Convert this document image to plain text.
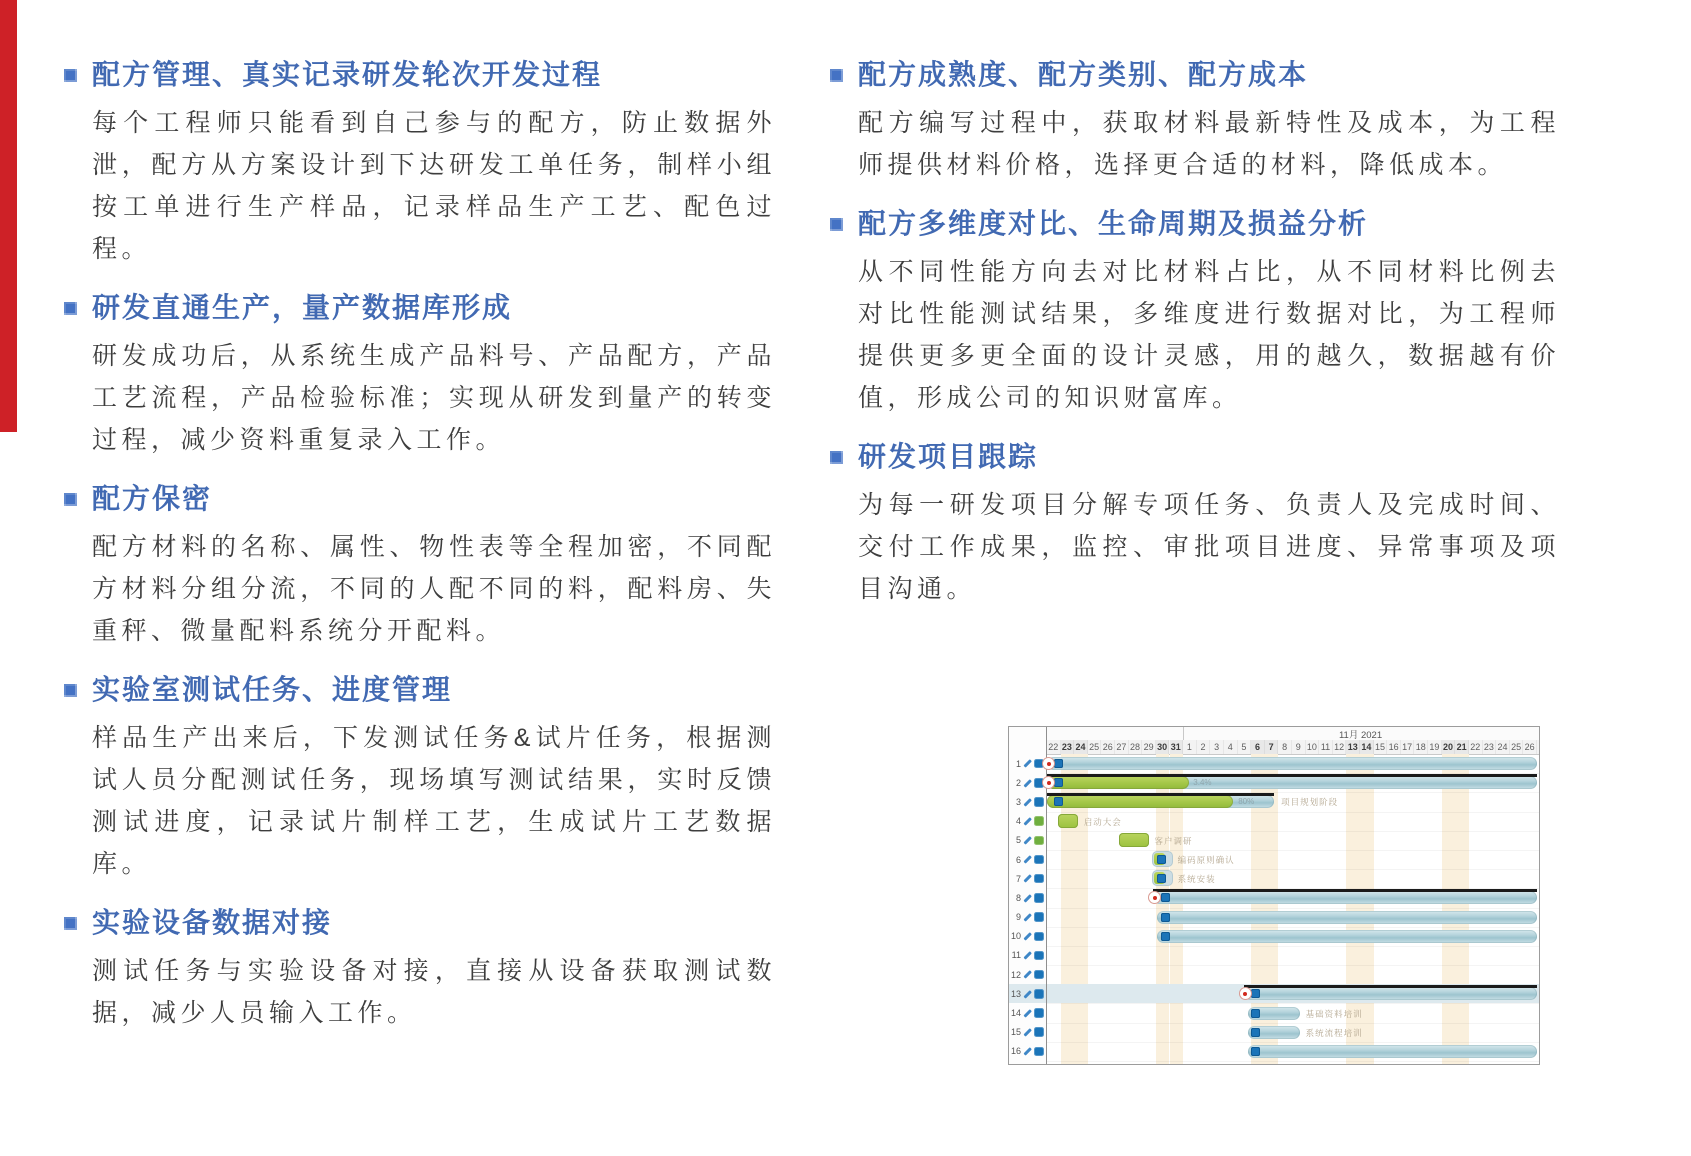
配方管理、真实记录研发轮次开发过程

每个工程师只能看到自己参与的配方，防止数据外泄，配方从方案设计到下达研发工单任务，制样小组按工单进行生产样品，记录样品生产工艺、配色过程。

研发直通生产，量产数据库形成

研发成功后，从系统生成产品料号、产品配方，产品工艺流程，产品检验标准；实现从研发到量产的转变过程，减少资料重复录入工作。

配方保密

配方材料的名称、属性、物性表等全程加密，不同配方材料分组分流，不同的人配不同的料，配料房、失重秤、微量配料系统分开配料。

实验室测试任务、进度管理

样品生产出来后，下发测试任务&试片任务，根据测试人员分配测试任务，现场填写测试结果，实时反馈测试进度，记录试片制样工艺，生成试片工艺数据库。

实验设备数据对接

测试任务与实验设备对接，直接从设备获取测试数据，减少人员输入工作。

配方成熟度、配方类别、配方成本

配方编写过程中，获取材料最新特性及成本，为工程师提供材料价格，选择更合适的材料，降低成本。

配方多维度对比、生命周期及损益分析

从不同性能方向去对比材料占比，从不同材料比例去对比性能测试结果，多维度进行数据对比，为工程师提供更多更全面的设计灵感，用的越久，数据越有价值，形成公司的知识财富库。

研发项目跟踪

为每一研发项目分解专项任务、负责人及完成时间、交付工作成果，监控、审批项目进度、异常事项及项目沟通。

1
2
3
4
5
6
7
8
9
10
11
12
13
14
15
16
11月 2021
22 23 24 25 26 27 28 29 30 31 1 2 3 4 5 6 7 8 9 10 11 12 13 14 15 16 17 18 19 20 21 22 23 24 25 26
3.4%
80%	项目规划阶段
启动大会
客户调研
编码原则确认
系统安装
基础资料培训
系统流程培训
